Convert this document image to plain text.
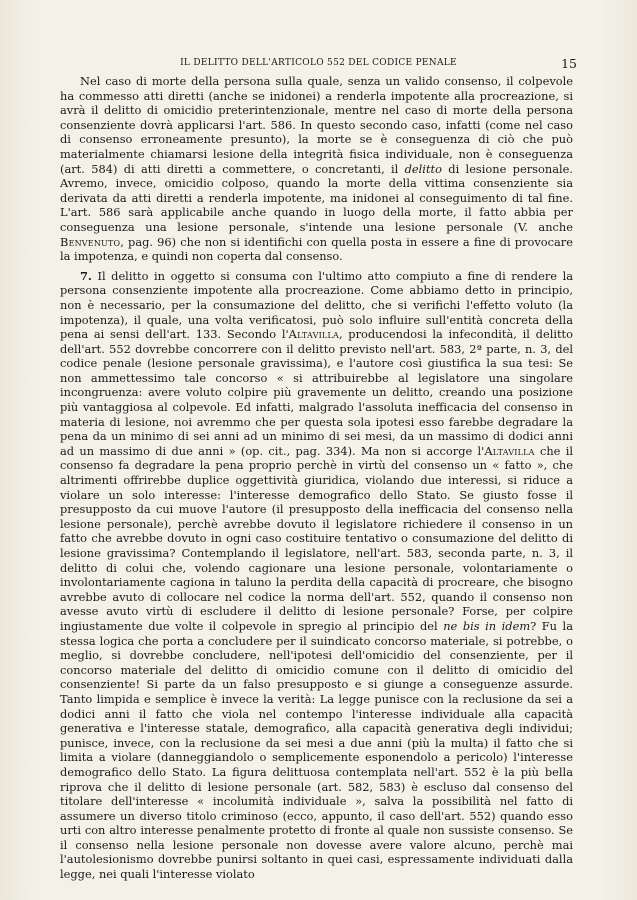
IL DELITTO DELL'ARTICOLO 552 DEL CODICE PENALE	15

Nel caso di morte della persona sulla quale, senza un valido consenso, il colpevole ha commesso atti diretti (anche se inidonei) a renderla impotente alla procreazione, si avrà il delitto di omicidio preterintenzionale, mentre nel caso di morte della persona consenziente dovrà applicarsi l'art. 586. In questo secondo caso, infatti (come nel caso di consenso erroneamente presunto), la morte se è conseguenza di ciò che può materialmente chiamarsi lesione della integrità fisica individuale, non è conseguenza (art. 584) di atti diretti a commettere, o concretanti, il delitto di lesione personale. Avremo, invece, omicidio colposo, quando la morte della vittima consenziente sia derivata da atti diretti a renderla impotente, ma inidonei al conseguimento di tal fine. L'art. 586 sarà applicabile anche quando in luogo della morte, il fatto abbia per conseguenza una lesione personale, s'intende una lesione personale (V. anche Benvenuto, pag. 96) che non si identifichi con quella posta in essere a fine di provocare la impotenza, e quindi non coperta dal consenso.

7. Il delitto in oggetto si consuma con l'ultimo atto compiuto a fine di rendere la persona consenziente impotente alla procreazione. Come abbiamo detto in principio, non è necessario, per la consumazione del delitto, che si verifichi l'effetto voluto (la impotenza), il quale, una volta verificatosi, può solo influire sull'entità concreta della pena ai sensi dell'art. 133. Secondo l'Altavilla, producendosi la infecondità, il delitto dell'art. 552 dovrebbe concorrere con il delitto previsto nell'art. 583, 2ª parte, n. 3, del codice penale (lesione personale gravissima), e l'autore così giustifica la sua tesi: Se non ammettessimo tale concorso « si attribuirebbe al legislatore una singolare incongruenza: avere voluto colpire più gravemente un delitto, creando una posizione più vantaggiosa al colpevole. Ed infatti, malgrado l'assoluta inefficacia del consenso in materia di lesione, noi avremmo che per questa sola ipotesi esso farebbe degradare la pena da un minimo di sei anni ad un minimo di sei mesi, da un massimo di dodici anni ad un massimo di due anni » (op. cit., pag. 334). Ma non si accorge l'Altavilla che il consenso fa degradare la pena proprio perchè in virtù del consenso un « fatto », che altrimenti offrirebbe duplice oggettività giuridica, violando due interessi, si riduce a violare un solo interesse: l'interesse demografico dello Stato. Se giusto fosse il presupposto da cui muove l'autore (il presupposto della inefficacia del consenso nella lesione personale), perchè avrebbe dovuto il legislatore richiedere il consenso in un fatto che avrebbe dovuto in ogni caso costituire tentativo o consumazione del delitto di lesione gravissima? Contemplando il legislatore, nell'art. 583, seconda parte, n. 3, il delitto di colui che, volendo cagionare una lesione personale, volontariamente o involontariamente cagiona in taluno la perdita della capacità di procreare, che bisogno avrebbe avuto di collocare nel codice la norma dell'art. 552, quando il consenso non avesse avuto virtù di escludere il delitto di lesione personale? Forse, per colpire ingiustamente due volte il colpevole in spregio al principio del ne bis in idem? Fu la stessa logica che porta a concludere per il suindicato concorso materiale, si potrebbe, o meglio, si dovrebbe concludere, nell'ipotesi dell'omicidio del consenziente, per il concorso materiale del delitto di omicidio comune con il delitto di omicidio del consenziente! Si parte da un falso presupposto e si giunge a conseguenze assurde. Tanto limpida e semplice è invece la verità: La legge punisce con la reclusione da sei a dodici anni il fatto che viola nel contempo l'interesse individuale alla capacità generativa e l'interesse statale, demografico, alla capacità generativa degli individui; punisce, invece, con la reclusione da sei mesi a due anni (più la multa) il fatto che si limita a violare (danneggiandolo o semplicemente esponendolo a pericolo) l'interesse demografico dello Stato. La figura delittuosa contemplata nell'art. 552 è la più bella riprova che il delitto di lesione personale (art. 582, 583) è escluso dal consenso del titolare dell'interesse « incolumità individuale », salva la possibilità nel fatto di assumere un diverso titolo criminoso (ecco, appunto, il caso dell'art. 552) quando esso urti con altro interesse penalmente protetto di fronte al quale non sussiste consenso. Se il consenso nella lesione personale non dovesse avere valore alcuno, perchè mai l'autolesionismo dovrebbe punirsi soltanto in quei casi, espressamente individuati dalla legge, nei quali l'interesse violato
